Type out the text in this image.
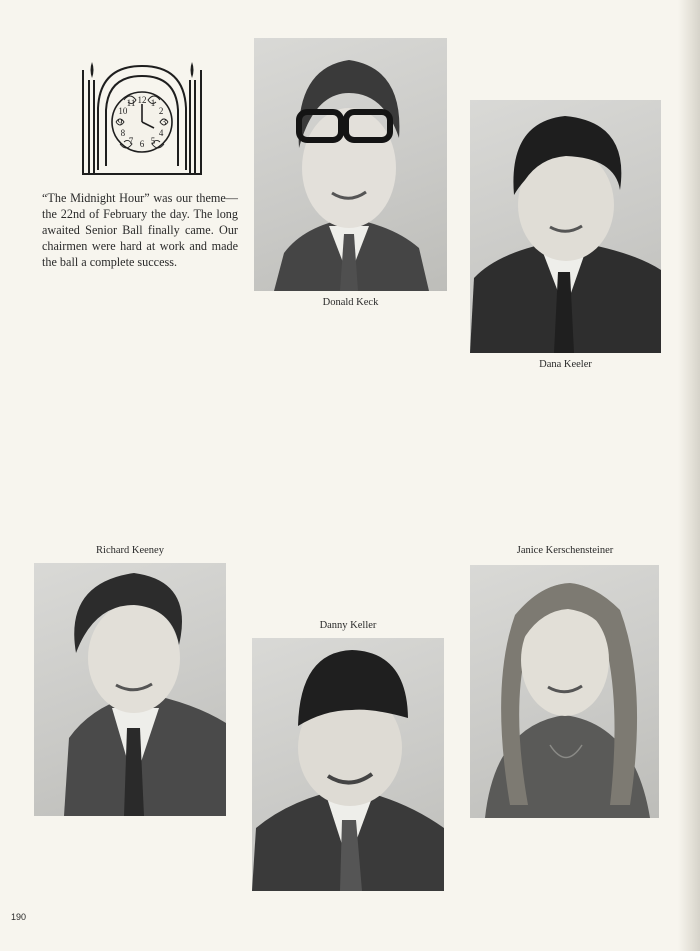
12 1
2
3
4
5
6
7
8
9
10
11

“The Midnight Hour” was our theme—the 22nd of February the day. The long awaited Senior Ball finally came. Our chairmen were hard at work and made the ball a complete success.

Donald Keck
Dana Keeler
Richard Keeney
Danny Keller
Janice Kerschensteiner
190
